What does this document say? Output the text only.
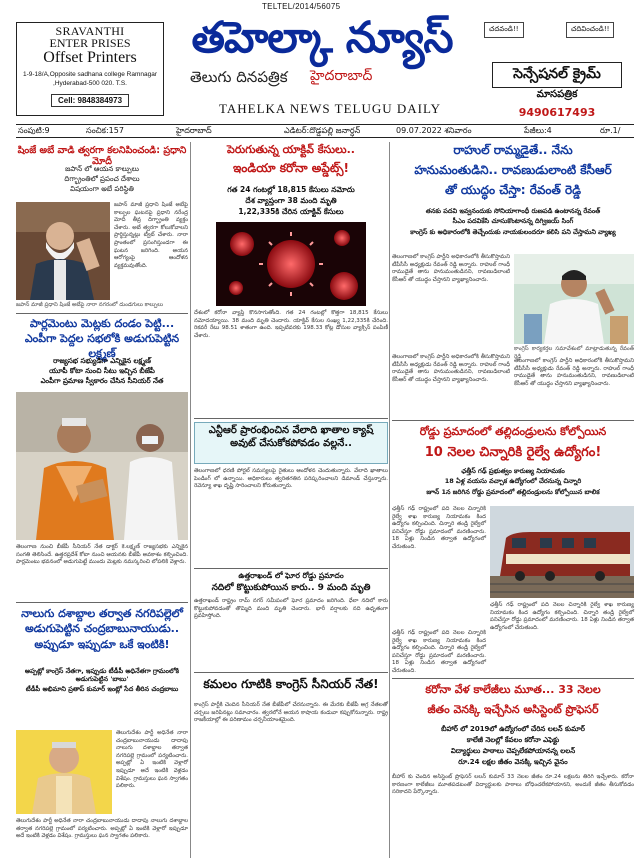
SRAVANTHI
ENTER PRISES
Offset Printers
1-9-18/A,Opposite sadhana college Ramnagar
,Hyderabad-500 020. T.S.
Cell: 9848384973
TELTEL/2014/56075
తహెల్కా న్యూస్
తెలుగు దినపత్రిక హైదరాబాద్
TAHELKA NEWS TELUGU DAILY
చదవండి!!	చదివించండి!!
సెన్సేషనల్ క్రైమ్
మాసపత్రిక
9490617493
సంపుటి:9	సంచిక:157	హైదరాబాద్	ఎడిటర్:దొడ్డపల్లి జనార్ధన్	09.07.2022 శనివారం	పేజీలు:4	రూ.1/
షింజే అబే వాడి త్వరగా కలనిపించండి: ప్రధాని మోదీ
జపాన్ లో ఆయన కాల్పులు
దిగ్భ్రాంతిలో ప్రపంచ దేశాలు
విషయంగా అబే పరిస్థితి
జపాన్ మాజీ ప్రధాని షింజే అబేపై కాల్పుల ఘటనపై ప్రధాని నరేంద్ర మోదీ తీవ్ర దిగ్భ్రాంతి వ్యక్తం చేశారు. అబే త్వరగా కోలుకోవాలని ప్రార్థిస్తున్నట్లు ట్వీట్ చేశారు. నారా ప్రాంతంలో ప్రసంగిస్తుండగా ఈ ఘటన జరిగింది. ఆయన ఆరోగ్యంపై ఆందోళన వ్యక్తమవుతోంది.
జపాన్ మాజీ ప్రధాని షింజే అబేపై నారా నగరంలో దుండగులు కాల్పులు
పార్లమెంటు మెట్లకు దండం పెట్టి... ఎంపీగా పెద్దల సభలోకి అడుగుపెట్టిన లక్ష్మణ్
రాజ్యసభ సభ్యుడిగా ఎన్నికైన లక్ష్మణ్
యూపీ కోటా నుంచి సీటు ఇచ్చిన బీజేపీ
ఎంపీగా ప్రమాణ స్వీకారం చేసిన సీనియర్ నేత
తెలంగాణ నుంచి బీజేపీ సీనియర్ నేత డాక్టర్ కె.లక్ష్మణ్ రాజ్యసభకు ఎన్నికైన సంగతి తెలిసిందే. ఉత్తరప్రదేశ్ కోటా నుంచి ఆయనకు బీజేపీ అవకాశం కల్పించింది. పార్లమెంటు భవనంలో అడుగుపెట్టే ముందు మెట్లకు నమస్కరించి లోపలికి వెళ్లారు.
నాలుగు దశాబ్దాల తర్వాత నగరిపల్లెలో అడుగుపెట్టిన చంద్రబాబునాయుడు.. అప్పుడూ ఇప్పుడూ ఒకే ఇంటికి!
అప్పట్లో కాంగ్రెస్ నేతగా, ఇప్పుడు టీడీపీ అధినేతగా గ్రామంలోకి అడుగుపెట్టిన 'బాబు'
టీడీపీ అభిమాని ప్రతాప్ కుమార్ ఇంట్లో సేద తీరిన చంద్రబాబు
తెలుగుదేశం పార్టీ అధినేత నారా చంద్రబాబునాయుడు దాదాపు నాలుగు దశాబ్దాల తర్వాత నగరిపల్లె గ్రామంలో పర్యటించారు. అప్పట్లో ఏ ఇంటికి వెళ్లారో ఇప్పుడూ అదే ఇంటికి వెళ్లడం విశేషం. గ్రామస్తులు ఘన స్వాగతం పలికారు.
తెలుగుదేశం పార్టీ అధినేత నారా చంద్రబాబునాయుడు దాదాపు నాలుగు దశాబ్దాల తర్వాత నగరిపల్లె గ్రామంలో పర్యటించారు. అప్పట్లో ఏ ఇంటికి వెళ్లారో ఇప్పుడూ అదే ఇంటికి వెళ్లడం విశేషం. గ్రామస్తులు ఘన స్వాగతం పలికారు.
పెరుగుతున్న యాక్టివ్ కేసులు..
ఇండియా కరోనా అప్డేట్స్!
గత 24 గంటల్లో 18,815 కేసులు నమోదు
దేశ వ్యాప్తంగా 38 మంది మృతి
1,22,335కి చేరిన యాక్టివ్ కేసులు
దేశంలో కరోనా వ్యాప్తి కొనసాగుతోంది. గత 24 గంటల్లో కొత్తగా 18,815 కేసులు నమోదయ్యాయి. 38 మంది మృతి చెందారు. యాక్టివ్ కేసుల సంఖ్య 1,22,335కి చేరింది. రికవరీ రేటు 98.51 శాతంగా ఉంది. ఇప్పటివరకు 198.33 కోట్ల డోసుల వ్యాక్సిన్ పంపిణీ చేశారు.
ఎన్టీఆర్ ప్రారంభించిన వేలాది ఖాతాల క్యాష్ అవుట్ చేసుకోకపోవడం వల్లనే..
తెలంగాణలో ధరణి పోర్టల్ సమస్యలపై రైతులు ఆందోళన చెందుతున్నారు. వేలాది ఖాతాలు పెండింగ్ లో ఉన్నాయి. అధికారులు త్వరితగతిన పరిష్కరించాలని డిమాండ్ చేస్తున్నారు. రెవెన్యూ శాఖ దృష్టి సారించాలని కోరుతున్నారు.
ఉత్తరాఖండ్ లో ఘోర రోడ్డు ప్రమాదం
నదిలో కొట్టుకుపోయిన కారు.. 9 మంది మృతి
ఉత్తరాఖండ్ రాష్ట్రం రామ్ నగర్ సమీపంలో ఘోర ప్రమాదం జరిగింది. ధేలా నదిలో కారు కొట్టుకుపోవడంతో తొమ్మిది మంది మృతి చెందారు. భారీ వర్షాలకు నది ఉధృతంగా ప్రవహిస్తోంది.
కమలం గూటికి కాంగ్రెస్ సీనియర్ నేత!
కాంగ్రెస్ పార్టీకి చెందిన సీనియర్ నేత బీజేపీలో చేరనున్నారు. ఈ మేరకు బీజేపీ అగ్ర నేతలతో చర్చలు జరిపినట్లు సమాచారం. త్వరలోనే ఆయన కాషాయ కండువా కప్పుకోనున్నారు. రాష్ట్ర రాజకీయాల్లో ఈ పరిణామం చర్చనీయాంశమైంది.
రాహుల్ రామ్మడైతే.. నేను
హనుమంతుడిని.. రావణుడులాంటి కేసీఆర్
తో యుద్ధం చేస్తా: రేవంత్ రెడ్డి
తనకు పదవి ఇవ్వనందుకు సోనియాగాంధీ రుణపడి ఉంటానన్న రేవంత్
సీఎం పదవికేసి చూసుకొంటానన్న దిగ్విజయ్ సింగ్
కాంగ్రెస్ కు అధికారంలోకి తెచ్చేందుకు నాయకులందరూ కలిసి పని చేస్తామని వ్యాఖ్య
తెలంగాణలో కాంగ్రెస్ పార్టీని అధికారంలోకి తీసుకొస్తామని టీపీసీసీ అధ్యక్షుడు రేవంత్ రెడ్డి అన్నారు. రాహుల్ గాంధీ రాముడైతే తాను హనుమంతుడినని, రావణుడిలాంటి కేసీఆర్ తో యుద్ధం చేస్తానని వ్యాఖ్యానించారు.
కాంగ్రెస్ కార్యకర్తల సమావేశంలో మాట్లాడుతున్న రేవంత్ రెడ్డి
తెలంగాణలో కాంగ్రెస్ పార్టీని అధికారంలోకి తీసుకొస్తామని టీపీసీసీ అధ్యక్షుడు రేవంత్ రెడ్డి అన్నారు. రాహుల్ గాంధీ రాముడైతే తాను హనుమంతుడినని, రావణుడిలాంటి కేసీఆర్ తో యుద్ధం చేస్తానని వ్యాఖ్యానించారు.
తెలంగాణలో కాంగ్రెస్ పార్టీని అధికారంలోకి తీసుకొస్తామని టీపీసీసీ అధ్యక్షుడు రేవంత్ రెడ్డి అన్నారు. రాహుల్ గాంధీ రాముడైతే తాను హనుమంతుడినని, రావణుడిలాంటి కేసీఆర్ తో యుద్ధం చేస్తానని వ్యాఖ్యానించారు.
రోడ్డు ప్రమాదంలో తల్లిదండ్రులను కోల్పోయిన
10 నెలల చిన్నారికి రైల్వే ఉద్యోగం!
ఛత్తీస్ గఢ్ ప్రభుత్వం కారుణ్య నియామకం
18 ఏళ్ల వయసు వచ్చాక ఉద్యోగంలో చేరనున్న చిన్నారి
జూన్ 1న జరిగిన రోడ్డు ప్రమాదంలో తల్లిదండ్రులను కోల్పోయిన బాలిక
ఛత్తీస్ గఢ్ రాష్ట్రంలో పది నెలల చిన్నారికి రైల్వే శాఖ కారుణ్య నియామకం కింద ఉద్యోగం కల్పించింది. చిన్నారి తండ్రి రైల్వేలో పనిచేస్తూ రోడ్డు ప్రమాదంలో మరణించారు. 18 ఏళ్లు నిండిన తర్వాత ఉద్యోగంలో చేరుతుంది.
ఛత్తీస్ గఢ్ రాష్ట్రంలో పది నెలల చిన్నారికి రైల్వే శాఖ కారుణ్య నియామకం కింద ఉద్యోగం కల్పించింది. చిన్నారి తండ్రి రైల్వేలో పనిచేస్తూ రోడ్డు ప్రమాదంలో మరణించారు. 18 ఏళ్లు నిండిన తర్వాత ఉద్యోగంలో చేరుతుంది.
ఛత్తీస్ గఢ్ రాష్ట్రంలో పది నెలల చిన్నారికి రైల్వే శాఖ కారుణ్య నియామకం కింద ఉద్యోగం కల్పించింది. చిన్నారి తండ్రి రైల్వేలో పనిచేస్తూ రోడ్డు ప్రమాదంలో మరణించారు. 18 ఏళ్లు నిండిన తర్వాత ఉద్యోగంలో చేరుతుంది.
కరోనా వేళ కాలేజీలు మూత... 33 నెలల
జీతం వెనక్కి ఇచ్చేసిన అసిస్టెంట్ ప్రొఫెసర్
బీహార్ లో 2019లో ఉద్యోగంలో చేరిన లలన్ కుమార్
కాలేజీ నెలల్లో కేవలం కరోనా ఎఫెక్టు
విద్యార్థులు పాఠాలు చెప్పలేకపోయానన్న లలన్
రూ.24 లక్షల జీతం వెనక్కి ఇచ్చిన వైనం
బీహార్ కు చెందిన అసిస్టెంట్ ప్రొఫెసర్ లలన్ కుమార్ 33 నెలల జీతం రూ.24 లక్షలను తిరిగి ఇచ్చేశారు. కరోనా కారణంగా కాలేజీలు మూతపడటంతో విద్యార్థులకు పాఠాలు బోధించలేకపోయానని, అందుకే జీతం తీసుకోవడం సరికాదని పేర్కొన్నారు.
